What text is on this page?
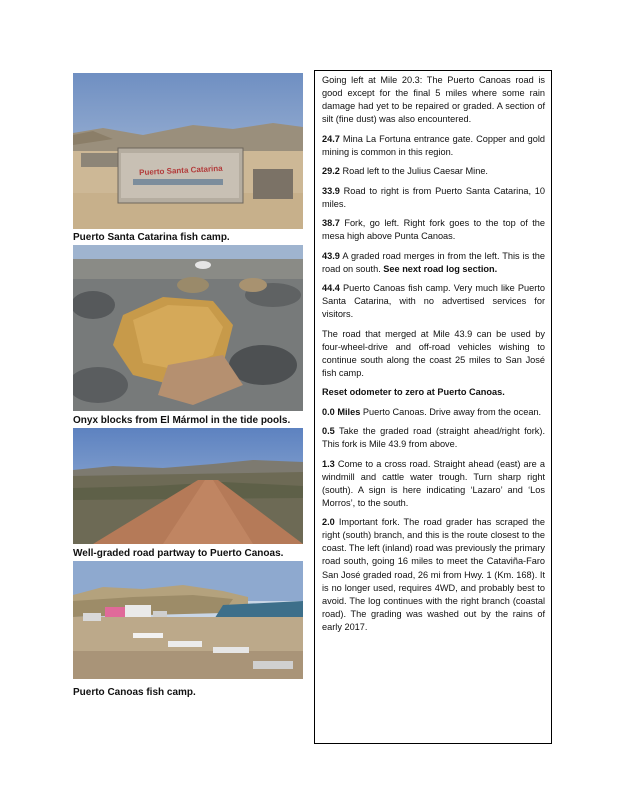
Puerto Santa Catarina
Puerto Santa Catarina fish camp.
Onyx blocks from El Mármol in the tide pools.
Well-graded road partway to Puerto Canoas.
Puerto Canoas fish camp.

Going left at Mile 20.3: The Puerto Canoas road is good except for the final 5 miles where some rain damage had yet to be repaired or graded. A section of silt (fine dust) was also encountered.

24.7 Mina La Fortuna entrance gate. Copper and gold mining is common in this region.

29.2 Road left to the Julius Caesar Mine.

33.9 Road to right is from Puerto Santa Catarina, 10 miles.

38.7 Fork, go left. Right fork goes to the top of the mesa high above Punta Canoas.

43.9 A graded road merges in from the left. This is the road on south. See next road log section.

44.4 Puerto Canoas fish camp. Very much like Puerto Santa Catarina, with no advertised services for visitors.

The road that merged at Mile 43.9 can be used by four-wheel-drive and off-road vehicles wishing to continue south along the coast 25 miles to San José fish camp.

Reset odometer to zero at Puerto Canoas.

0.0 Miles Puerto Canoas. Drive away from the ocean.

0.5 Take the graded road (straight ahead/right fork). This fork is Mile 43.9 from above.

1.3 Come to a cross road. Straight ahead (east) are a windmill and cattle water trough. Turn sharp right (south). A sign is here indicating ‘Lazaro’ and ‘Los Morros’, to the south.

2.0 Important fork. The road grader has scraped the right (south) branch, and this is the route closest to the coast. The left (inland) road was previously the primary road south, going 16 miles to meet the Cataviña-Faro San José graded road, 26 mi from Hwy. 1 (Km. 168). It is no longer used, requires 4WD, and probably best to avoid. The log continues with the right branch (coastal road). The grading was washed out by the rains of early 2017.
